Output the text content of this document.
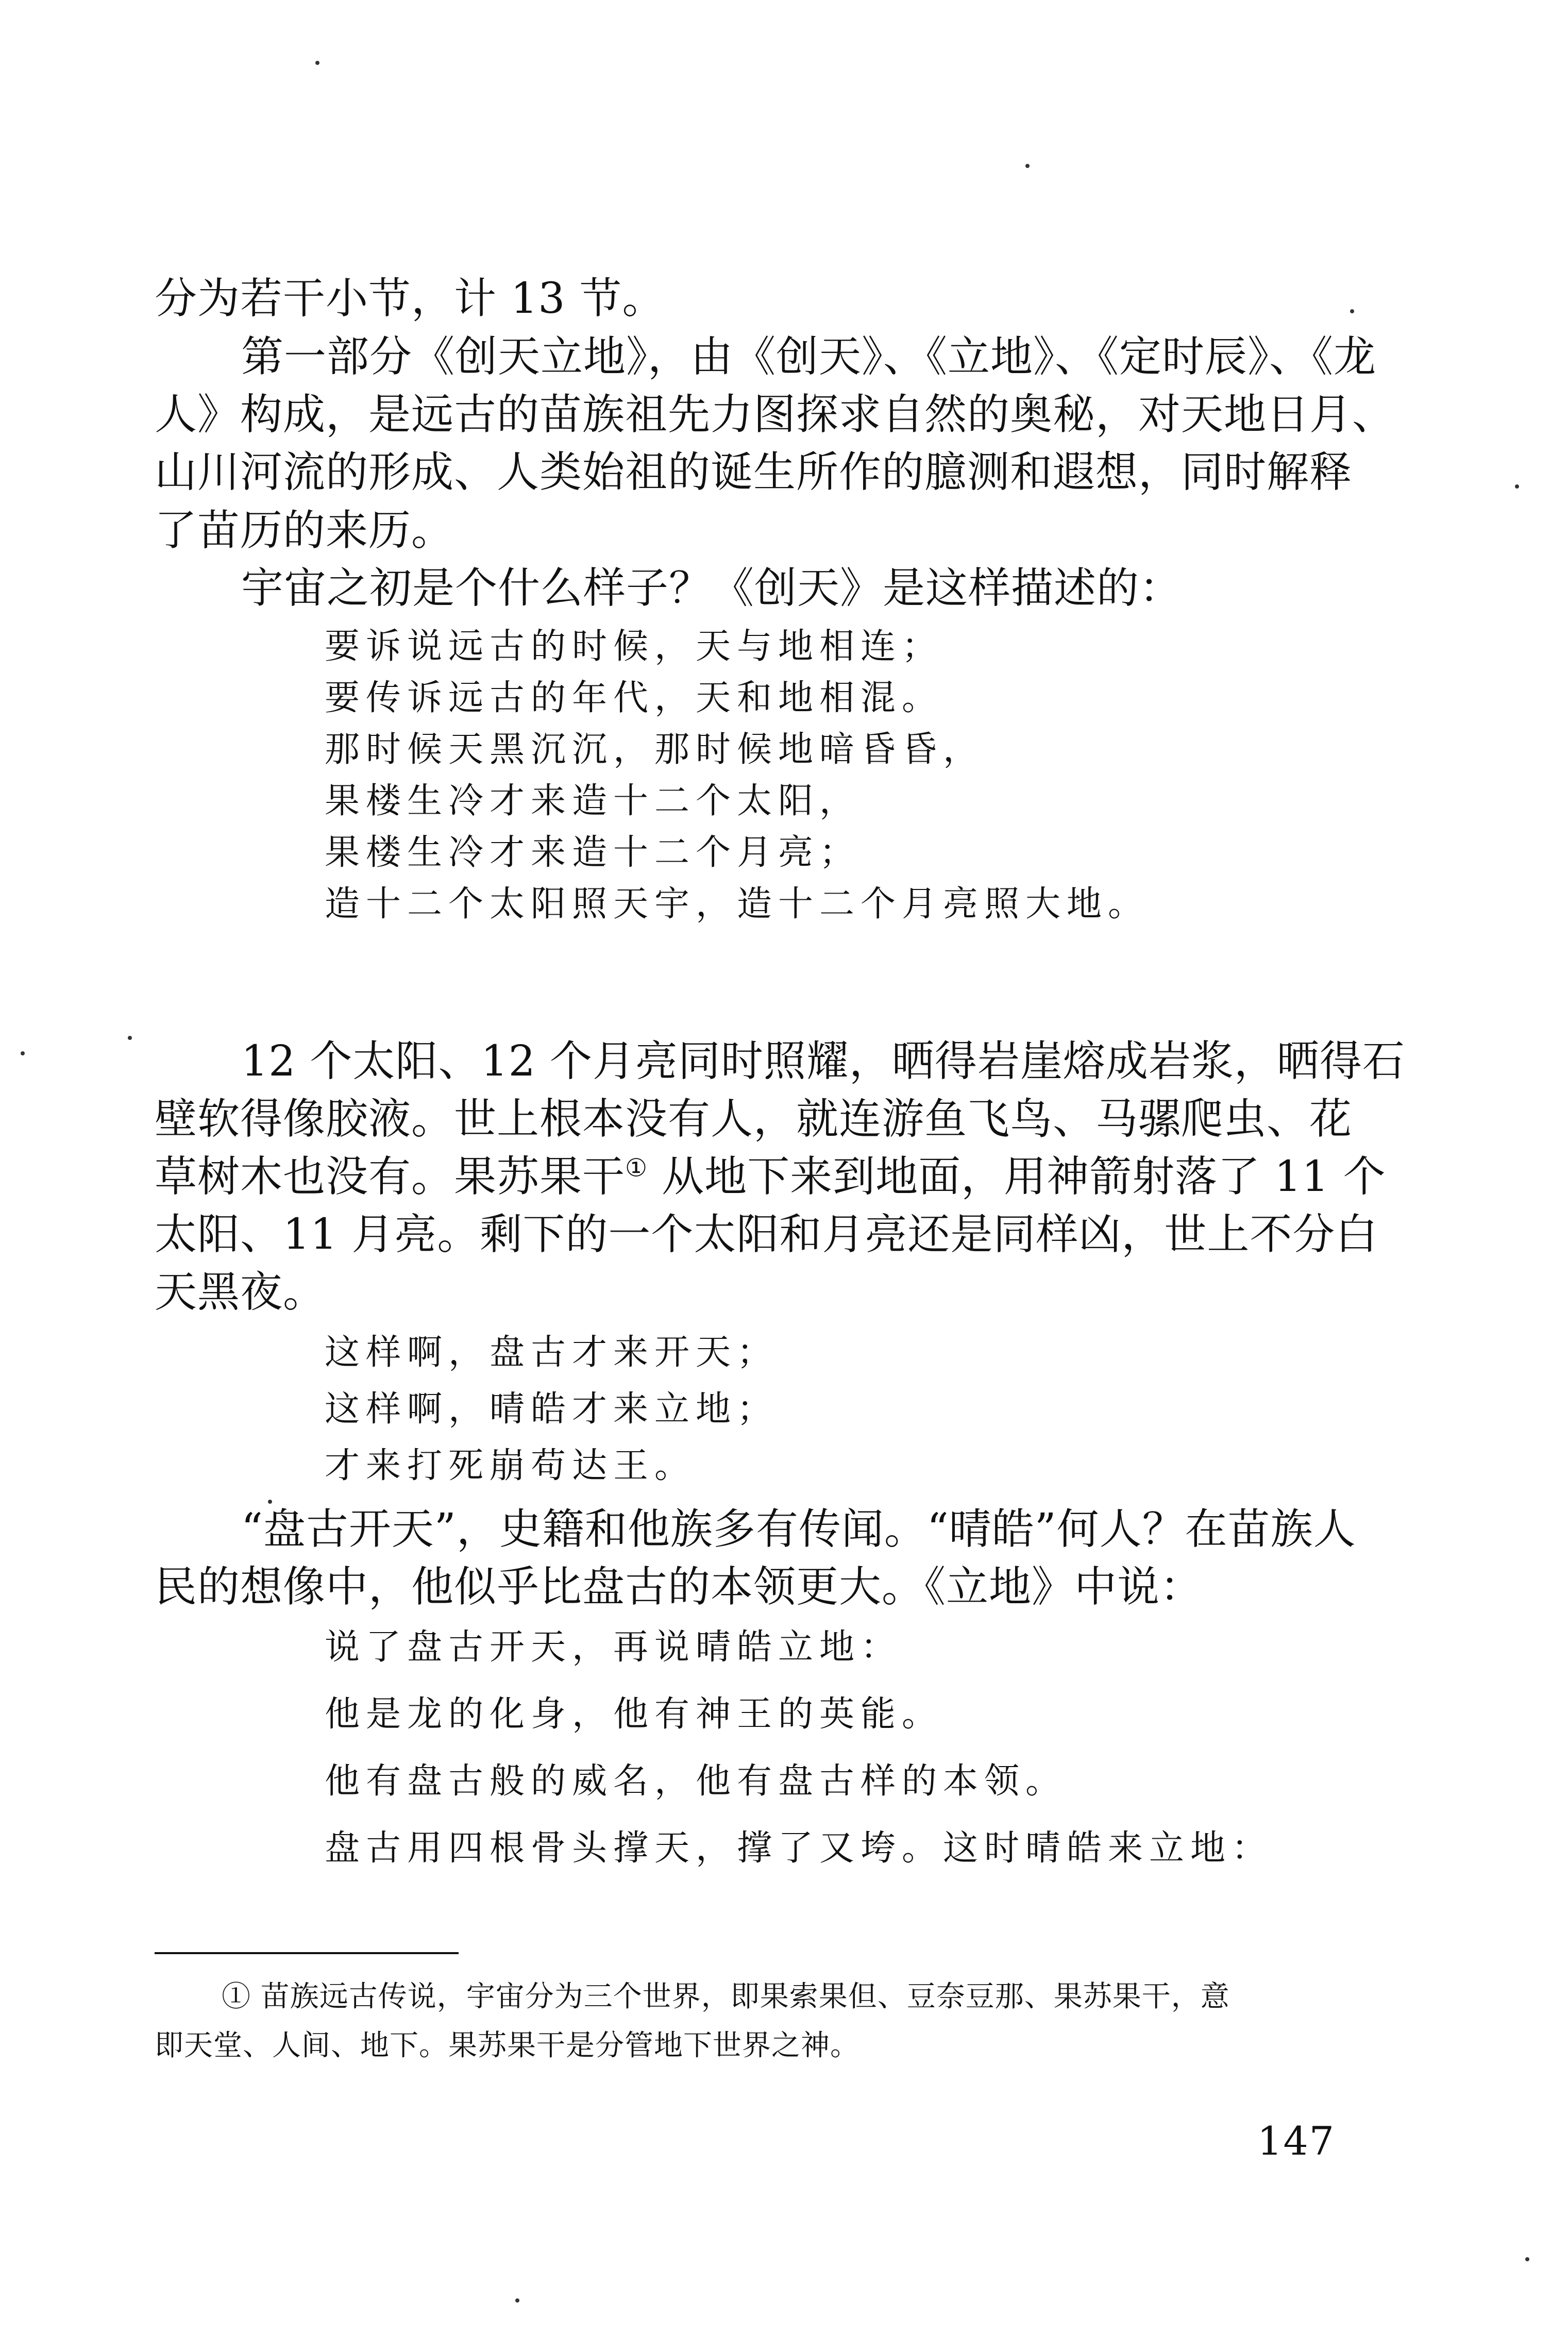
分为若干小节，计 13 节。

第一部分《创天立地》，由《创天》、《立地》、《定时辰》、《龙

人》构成，是远古的苗族祖先力图探求自然的奥秘，对天地日月、

山川河流的形成、人类始祖的诞生所作的臆测和遐想，同时解释

了苗历的来历。

宇宙之初是个什么样子？《创天》是这样描述的：

要诉说远古的时候，天与地相连；

要传诉远古的年代，天和地相混。

那时候天黑沉沉，那时候地暗昏昏，

果楼生冷才来造十二个太阳，

果楼生冷才来造十二个月亮；

造十二个太阳照天宇，造十二个月亮照大地。

12 个太阳、12 个月亮同时照耀，晒得岩崖熔成岩浆，晒得石

壁软得像胶液。世上根本没有人，就连游鱼飞鸟、马骡爬虫、花

草树木也没有。果苏果干① 从地下来到地面，用神箭射落了 11 个

太阳、11 月亮。剩下的一个太阳和月亮还是同样凶，世上不分白

天黑夜。

这样啊，盘古才来开天；

这样啊，晴皓才来立地；

才来打死崩苟达王。

“盘古开天”，史籍和他族多有传闻。“晴皓”何人？在苗族人

民的想像中，他似乎比盘古的本领更大。《立地》中说：

说了盘古开天，再说晴皓立地：

他是龙的化身，他有神王的英能。

他有盘古般的威名，他有盘古样的本领。

盘古用四根骨头撑天，撑了又垮。这时晴皓来立地：

① 苗族远古传说，宇宙分为三个世界，即果索果但、豆奈豆那、果苏果干，意

即天堂、人间、地下。果苏果干是分管地下世界之神。

147
